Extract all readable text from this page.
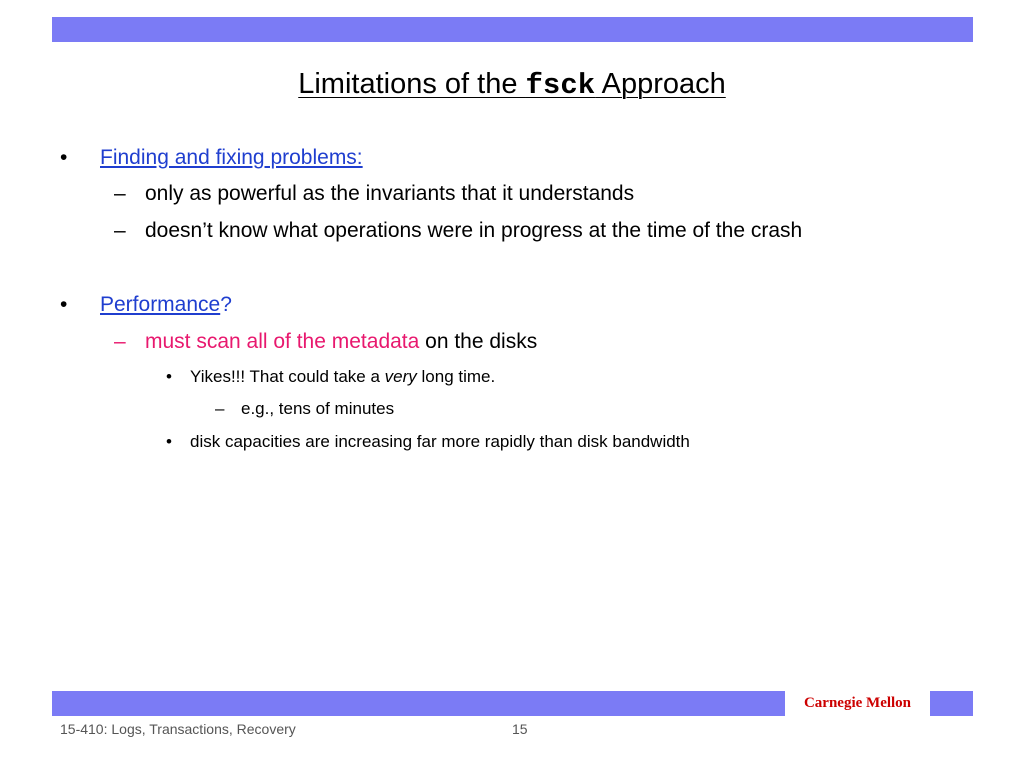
Limitations of the fsck Approach
• Finding and fixing problems:
– only as powerful as the invariants that it understands
– doesn’t know what operations were in progress at the time of the crash
• Performance?
– must scan all of the metadata on the disks
• Yikes!!! That could take a very long time.
– e.g., tens of minutes
• disk capacities are increasing far more rapidly than disk bandwidth
Carnegie Mellon
15-410: Logs, Transactions, Recovery	15
